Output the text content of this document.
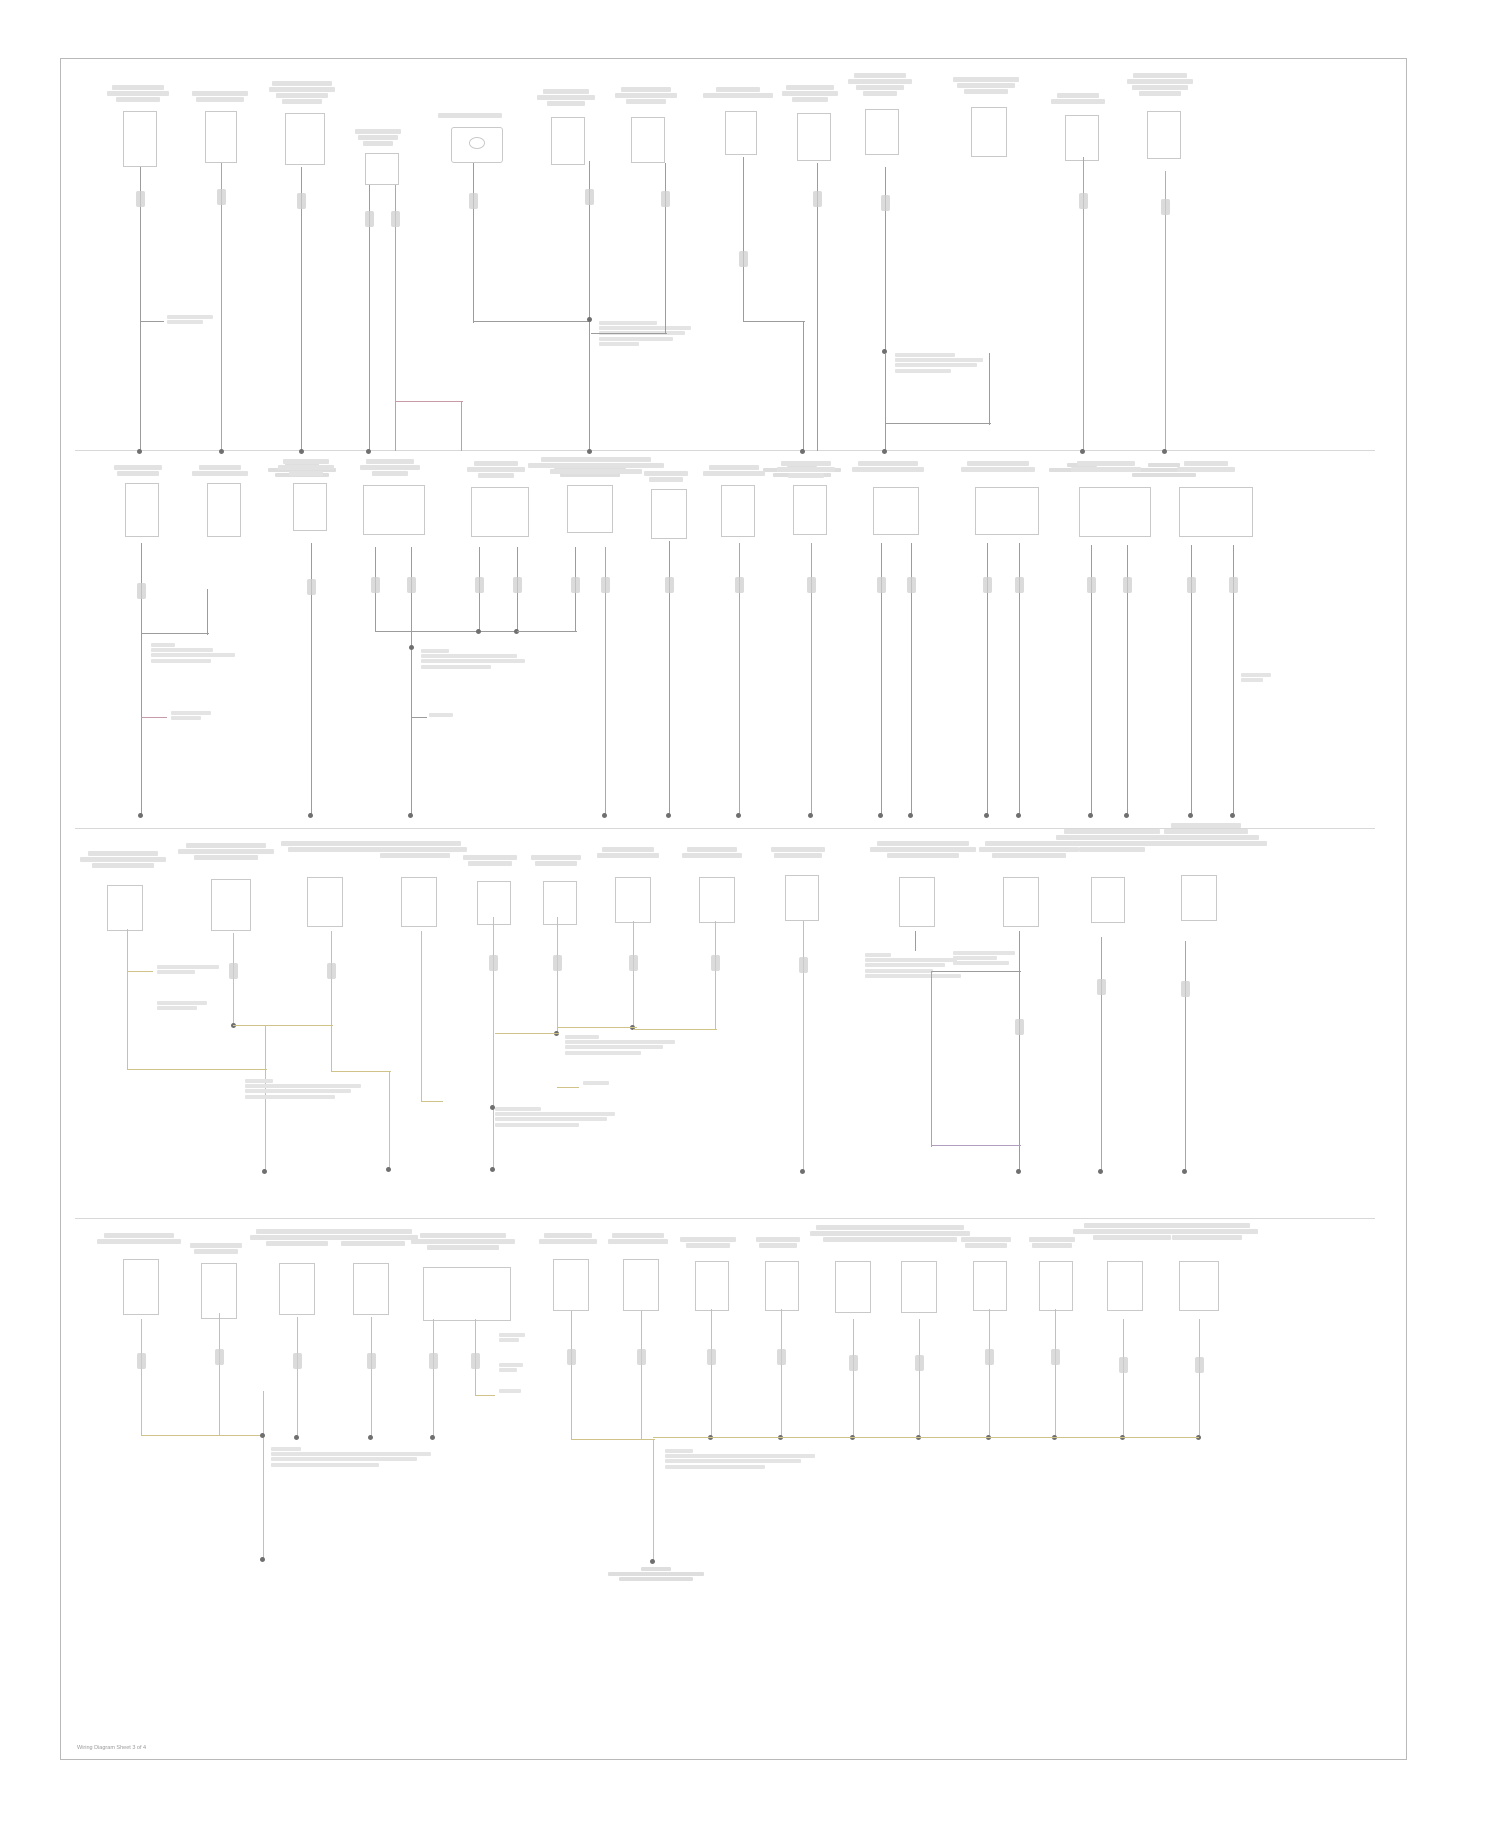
Wiring Diagram Sheet 3 of 4
